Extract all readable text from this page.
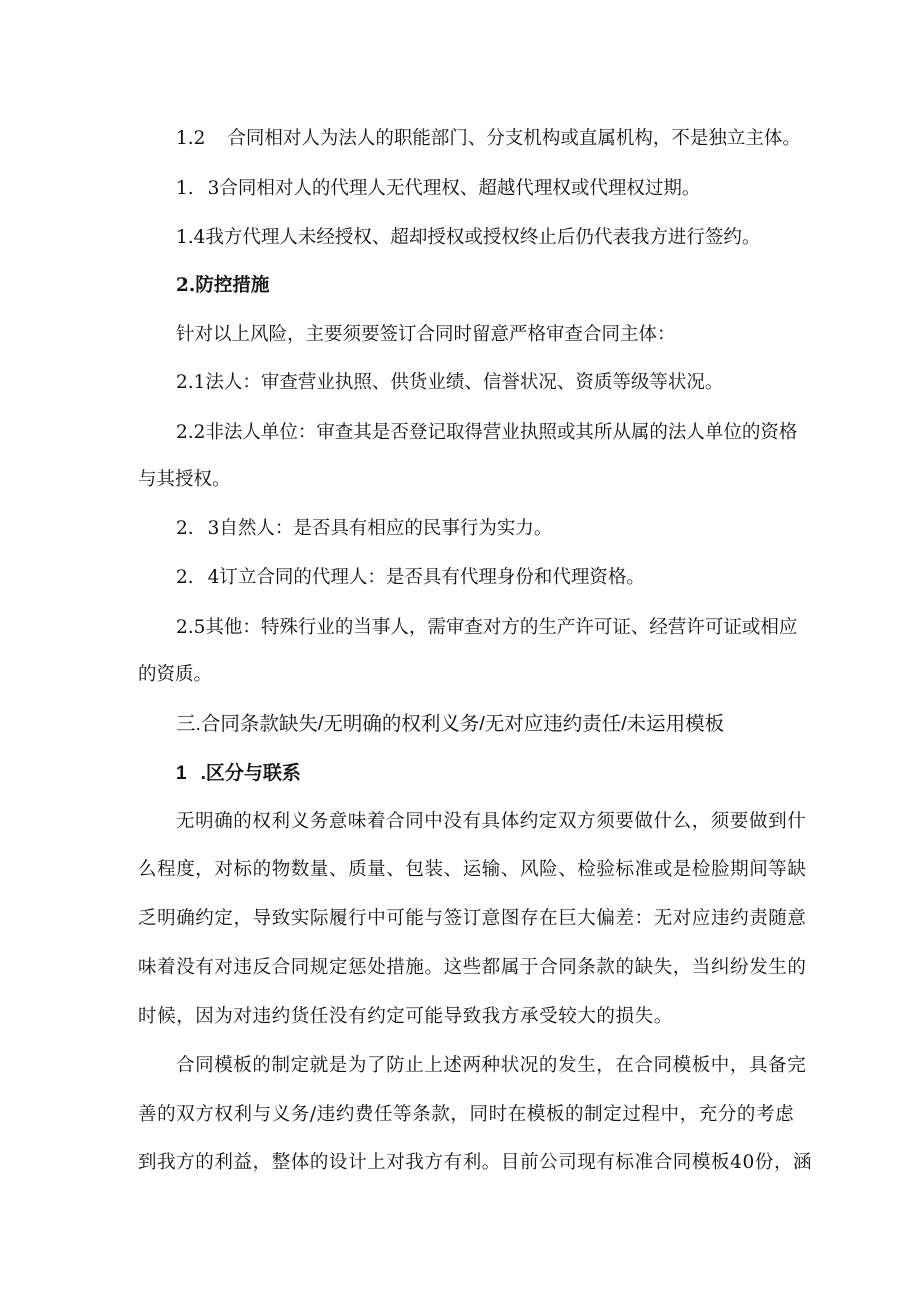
1.2 合同相对人为法人的职能部门、分支机构或直属机构，不是独立主体。

1. 3合同相对人的代理人无代理权、超越代理权或代理权过期。

1.4我方代理人未经授权、超却授权或授权终止后仍代表我方进行签约。

2.防控措施

针对以上风险，主要须要签订合同时留意严格审查合同主体：

2.1法人：审查营业执照、供货业绩、信誉状况、资质等级等状况。

2.2非法人单位：审查其是否登记取得营业执照或其所从属的法人单位的资格

与其授权。

2. 3自然人：是否具有相应的民事行为实力。

2. 4订立合同的代理人：是否具有代理身份和代理资格。

2.5其他：特殊行业的当事人，需审查对方的生产许可证、经营许可证或相应

的资质。

三.合同条款缺失/无明确的权利义务/无对应违约责任/未运用模板

1 .区分与联系

无明确的权利义务意味着合同中没有具体约定双方须要做什么，须要做到什

么程度，对标的物数量、质量、包装、运输、风险、检验标准或是检脸期间等缺

乏明确约定，导致实际履行中可能与签订意图存在巨大偏差：无对应违约责随意

味着没有对违反合同规定惩处措施。这些都属于合同条款的缺失，当纠纷发生的

时候，因为对违约货任没有约定可能导致我方承受较大的损失。

合同模板的制定就是为了防止上述两种状况的发生，在合同模板中，具备完

善的双方权利与义务/违约费任等条款，同时在模板的制定过程中，充分的考虑

到我方的利益，整体的设计上对我方有利。目前公司现有标准合同模板40份，涵
